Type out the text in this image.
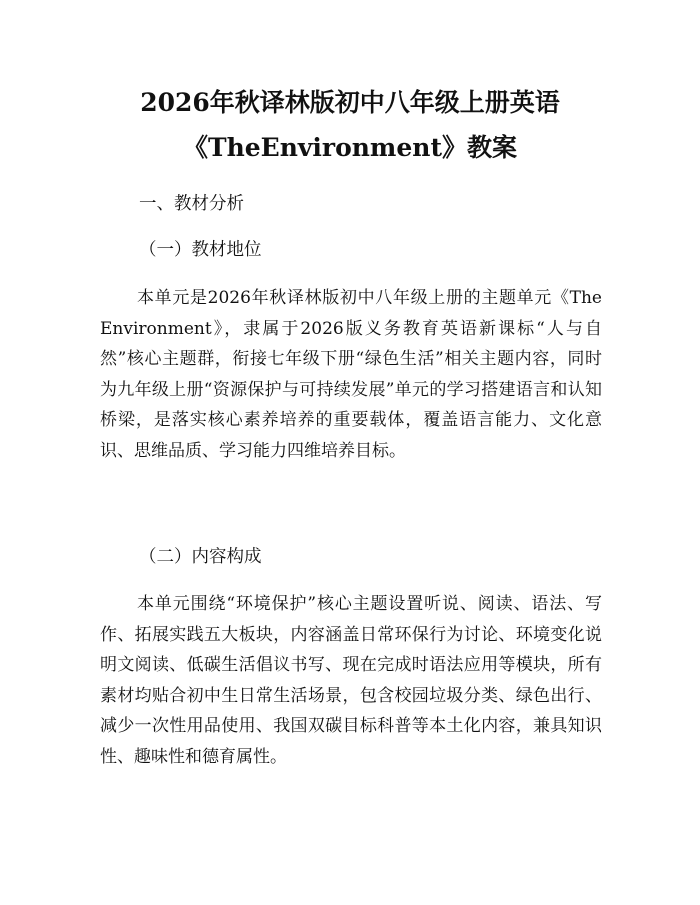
2026年秋译林版初中八年级上册英语
《TheEnvironment》教案
一、教材分析
（一）教材地位

本单元是2026年秋译林版初中八年级上册的主题单元《The Environment》，隶属于2026版义务教育英语新课标“人与自然”核心主题群，衔接七年级下册“绿色生活”相关主题内容，同时为九年级上册“资源保护与可持续发展”单元的学习搭建语言和认知桥梁，是落实核心素养培养的重要载体，覆盖语言能力、文化意识、思维品质、学习能力四维培养目标。

（二）内容构成

本单元围绕“环境保护”核心主题设置听说、阅读、语法、写作、拓展实践五大板块，内容涵盖日常环保行为讨论、环境变化说明文阅读、低碳生活倡议书写、现在完成时语法应用等模块，所有素材均贴合初中生日常生活场景，包含校园垃圾分类、绿色出行、减少一次性用品使用、我国双碳目标科普等本土化内容，兼具知识性、趣味性和德育属性。
